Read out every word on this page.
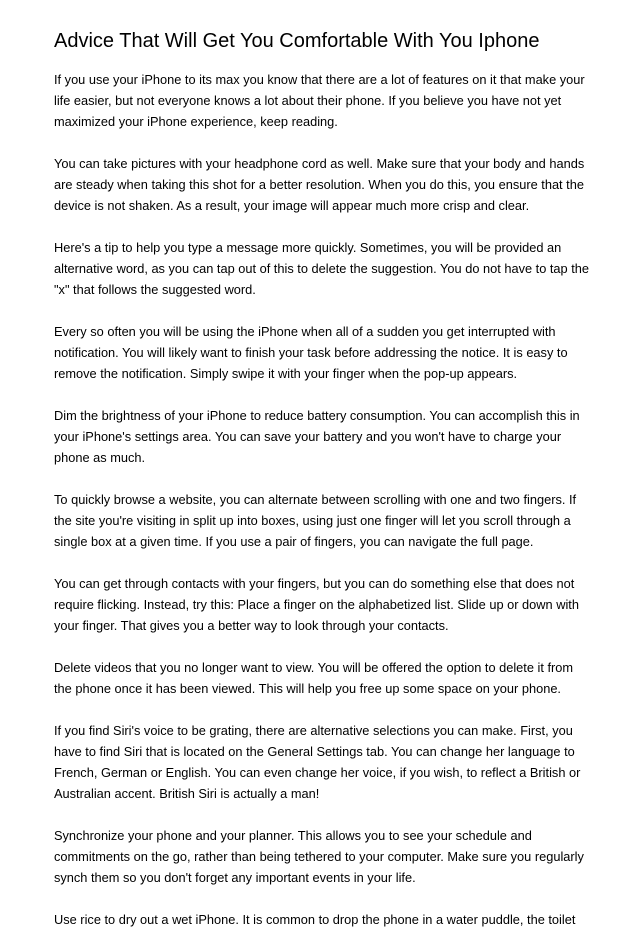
Advice That Will Get You Comfortable With You Iphone

If you use your iPhone to its max you know that there are a lot of features on it that make your life easier, but not everyone knows a lot about their phone. If you believe you have not yet maximized your iPhone experience, keep reading.

You can take pictures with your headphone cord as well. Make sure that your body and hands are steady when taking this shot for a better resolution. When you do this, you ensure that the device is not shaken. As a result, your image will appear much more crisp and clear.

Here's a tip to help you type a message more quickly. Sometimes, you will be provided an alternative word, as you can tap out of this to delete the suggestion. You do not have to tap the "x" that follows the suggested word.

Every so often you will be using the iPhone when all of a sudden you get interrupted with notification. You will likely want to finish your task before addressing the notice. It is easy to remove the notification. Simply swipe it with your finger when the pop-up appears.

Dim the brightness of your iPhone to reduce battery consumption. You can accomplish this in your iPhone's settings area. You can save your battery and you won't have to charge your phone as much.

To quickly browse a website, you can alternate between scrolling with one and two fingers. If the site you're visiting in split up into boxes, using just one finger will let you scroll through a single box at a given time. If you use a pair of fingers, you can navigate the full page.

You can get through contacts with your fingers, but you can do something else that does not require flicking. Instead, try this: Place a finger on the alphabetized list. Slide up or down with your finger. That gives you a better way to look through your contacts.

Delete videos that you no longer want to view. You will be offered the option to delete it from the phone once it has been viewed. This will help you free up some space on your phone.

If you find Siri's voice to be grating, there are alternative selections you can make. First, you have to find Siri that is located on the General Settings tab. You can change her language to French, German or English. You can even change her voice, if you wish, to reflect a British or Australian accent. British Siri is actually a man!

Synchronize your phone and your planner. This allows you to see your schedule and commitments on the go, rather than being tethered to your computer. Make sure you regularly synch them so you don't forget any important events in your life.

Use rice to dry out a wet iPhone. It is common to drop the phone in a water puddle, the toilet
